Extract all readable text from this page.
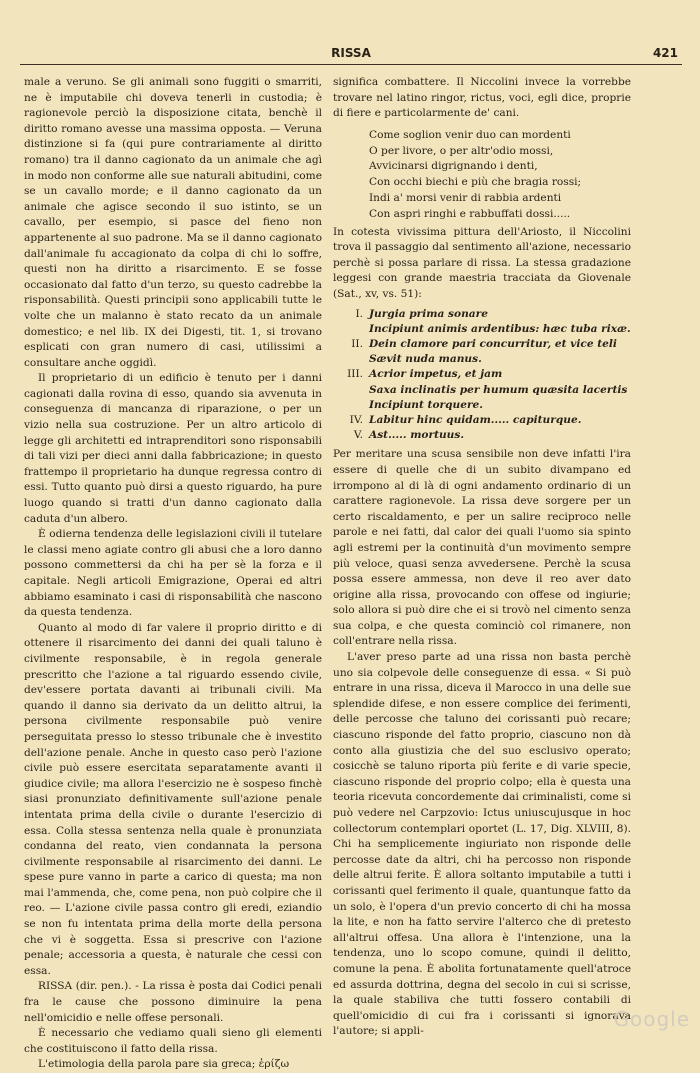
RISSA	421

male a veruno. Se gli animali sono fuggiti o smarriti, ne è imputabile chi doveva tenerli in custodia; è ragionevole perciò la disposizione citata, benchè il diritto romano avesse una massima opposta. — Veruna distinzione si fa (qui pure contrariamente al diritto romano) tra il danno cagionato da un animale che agì in modo non conforme alle sue naturali abitudini, come se un cavallo morde; e il danno cagionato da un animale che agisce secondo il suo istinto, se un cavallo, per esempio, si pasce del fieno non appartenente al suo padrone. Ma se il danno cagionato dall'animale fu accagionato da colpa di chi lo soffre, questi non ha diritto a risarcimento. E se fosse occasionato dal fatto d'un terzo, su questo cadrebbe la risponsabilità. Questi principii sono applicabili tutte le volte che un malanno è stato recato da un animale domestico; e nel lib. IX dei Digesti, tit. 1, si trovano esplicati con gran numero di casi, utilissimi a consultare anche oggidì.

Il proprietario di un edificio è tenuto per i danni cagionati dalla rovina di esso, quando sia avvenuta in conseguenza di mancanza di riparazione, o per un vizio nella sua costruzione. Per un altro articolo di legge gli architetti ed intraprenditori sono risponsabili di tali vizi per dieci anni dalla fabbricazione; in questo frattempo il proprietario ha dunque regressa contro di essi. Tutto quanto può dirsi a questo riguardo, ha pure luogo quando si tratti d'un danno cagionato dalla caduta d'un albero.

È odierna tendenza delle legislazioni civili il tutelare le classi meno agiate contro gli abusi che a loro danno possono commettersi da chi ha per sè la forza e il capitale. Negli articoli Emigrazione, Operai ed altri abbiamo esaminato i casi di risponsabilità che nascono da questa tendenza.

Quanto al modo di far valere il proprio diritto e di ottenere il risarcimento dei danni dei quali taluno è civilmente responsabile, è in regola generale prescritto che l'azione a tal riguardo essendo civile, dev'essere portata davanti ai tribunali civili. Ma quando il danno sia derivato da un delitto altrui, la persona civilmente responsabile può venire perseguitata presso lo stesso tribunale che è investito dell'azione penale. Anche in questo caso però l'azione civile può essere esercitata separatamente avanti il giudice civile; ma allora l'esercizio ne è sospeso finchè siasi pronunziato definitivamente sull'azione penale intentata prima della civile o durante l'esercizio di essa. Colla stessa sentenza nella quale è pronunziata condanna del reato, vien condannata la persona civilmente responsabile al risarcimento dei danni. Le spese pure vanno in parte a carico di questa; ma non mai l'ammenda, che, come pena, non può colpire che il reo. — L'azione civile passa contro gli eredi, eziandio se non fu intentata prima della morte della persona che vi è soggetta. Essa si prescrive con l'azione penale; accessoria a questa, è naturale che cessi con essa.

RISSA (dir. pen.). - La rissa è posta dai Codici penali fra le cause che possono diminuire la pena nell'omicidio e nelle offese personali.

È necessario che vediamo quali sieno gli elementi che costituiscono il fatto della rissa.

L'etimologia della parola pare sia greca; ἐρίζω

significa combattere. Il Niccolini invece la vorrebbe trovare nel latino ringor, rictus, voci, egli dice, proprie di fiere e particolarmente de' cani.

Come soglion venir duo can mordenti
O per livore, o per altr'odio mossi,
Avvicinarsi digrignando i denti,
Con occhi biechi e più che bragia rossi;
Indi a' morsi venir di rabbia ardenti
Con aspri ringhi e rabbuffati dossi.....

In cotesta vivissima pittura dell'Ariosto, il Niccolini trova il passaggio dal sentimento all'azione, necessario perchè si possa parlare di rissa. La stessa gradazione leggesi con grande maestria tracciata da Giovenale (Sat., xv, vs. 51):

I. Jurgia prima sonare
Incipiunt animis ardentibus: hæc tuba rixæ.
II. Dein clamore pari concurritur, et vice teli
Sævit nuda manus.
III. Acrior impetus, et jam
Saxa inclinatis per humum quæsita lacertis
Incipiunt torquere.
IV. Labitur hinc quidam..... capiturque.
V. Ast..... mortuus.

Per meritare una scusa sensibile non deve infatti l'ira essere di quelle che di un subito divampano ed irrompono al di là di ogni andamento ordinario di un carattere ragionevole. La rissa deve sorgere per un certo riscaldamento, e per un salire reciproco nelle parole e nei fatti, dal calor dei quali l'uomo sia spinto agli estremi per la continuità d'un movimento sempre più veloce, quasi senza avvedersene. Perchè la scusa possa essere ammessa, non deve il reo aver dato origine alla rissa, provocando con offese od ingiurie; solo allora si può dire che ei si trovò nel cimento senza sua colpa, e che questa cominciò col rimanere, non coll'entrare nella rissa.

L'aver preso parte ad una rissa non basta perchè uno sia colpevole delle conseguenze di essa. « Si può entrare in una rissa, diceva il Marocco in una delle sue splendide difese, e non essere complice dei ferimenti, delle percosse che taluno dei corissanti può recare; ciascuno risponde del fatto proprio, ciascuno non dà conto alla giustizia che del suo esclusivo operato; cosicchè se taluno riporta più ferite e di varie specie, ciascuno risponde del proprio colpo; ella è questa una teoria ricevuta concordemente dai criminalisti, come si può vedere nel Carpzovio: Ictus uniuscujusque in hoc collectorum contemplari oportet (L. 17, Dig. XLVIII, 8). Chi ha semplicemente ingiuriato non risponde delle percosse date da altri, chi ha percosso non risponde delle altrui ferite. È allora soltanto imputabile a tutti i corissanti quel ferimento il quale, quantunque fatto da un solo, è l'opera d'un previo concerto di chi ha mossa la lite, e non ha fatto servire l'alterco che di pretesto all'altrui offesa. Una allora è l'intenzione, una la tendenza, uno lo scopo comune, quindi il delitto, comune la pena. È abolita fortunatamente quell'atroce ed assurda dottrina, degna del secolo in cui si scrisse, la quale stabiliva che tutti fossero contabili di quell'omicidio di cui fra i corissanti si ignorava l'autore; si appli-

Google
